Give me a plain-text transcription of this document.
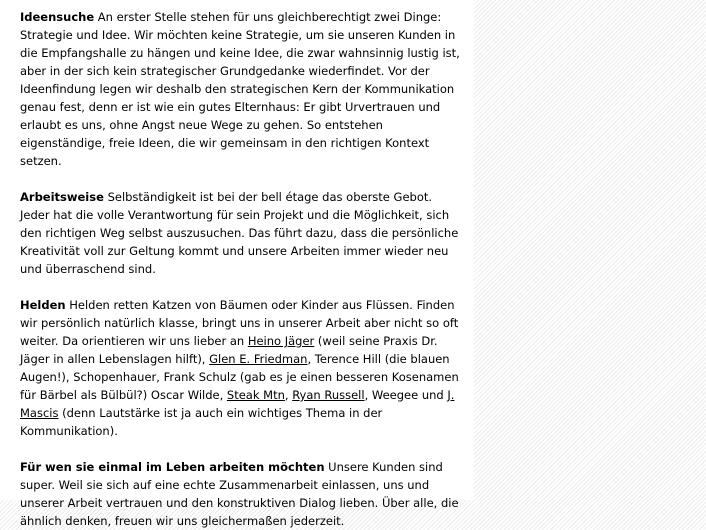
Ideensuche An erster Stelle stehen für uns gleichberechtigt zwei Dinge: Strategie und Idee. Wir möchten keine Strategie, um sie unseren Kunden in die Empfangshalle zu hängen und keine Idee, die zwar wahnsinnig lustig ist, aber in der sich kein strategischer Grundgedanke wiederfindet. Vor der Ideenfindung legen wir deshalb den strategischen Kern der Kommunikation genau fest, denn er ist wie ein gutes Elternhaus: Er gibt Urvertrauen und erlaubt es uns, ohne Angst neue Wege zu gehen. So entstehen eigenständige, freie Ideen, die wir gemeinsam in den richtigen Kontext setzen.

Arbeitsweise Selbständigkeit ist bei der bell étage das oberste Gebot. Jeder hat die volle Verantwortung für sein Projekt und die Möglichkeit, sich den richtigen Weg selbst auszusuchen. Das führt dazu, dass die persönliche Kreativität voll zur Geltung kommt und unsere Arbeiten immer wieder neu und überraschend sind.

Helden Helden retten Katzen von Bäumen oder Kinder aus Flüssen. Finden wir persönlich natürlich klasse, bringt uns in unserer Arbeit aber nicht so oft weiter. Da orientieren wir uns lieber an Heino Jäger (weil seine Praxis Dr. Jäger in allen Lebenslagen hilft), Glen E. Friedman, Terence Hill (die blauen Augen!), Schopenhauer, Frank Schulz (gab es je einen besseren Kosenamen für Bärbel als Bülbül?) Oscar Wilde, Steak Mtn, Ryan Russell, Weegee und J. Mascis (denn Lautstärke ist ja auch ein wichtiges Thema in der Kommunikation).

Für wen sie einmal im Leben arbeiten möchten Unsere Kunden sind super. Weil sie sich auf eine echte Zusammenarbeit einlassen, uns und unserer Arbeit vertrauen und den konstruktiven Dialog lieben. Über alle, die ähnlich denken, freuen wir uns gleichermaßen jederzeit.
